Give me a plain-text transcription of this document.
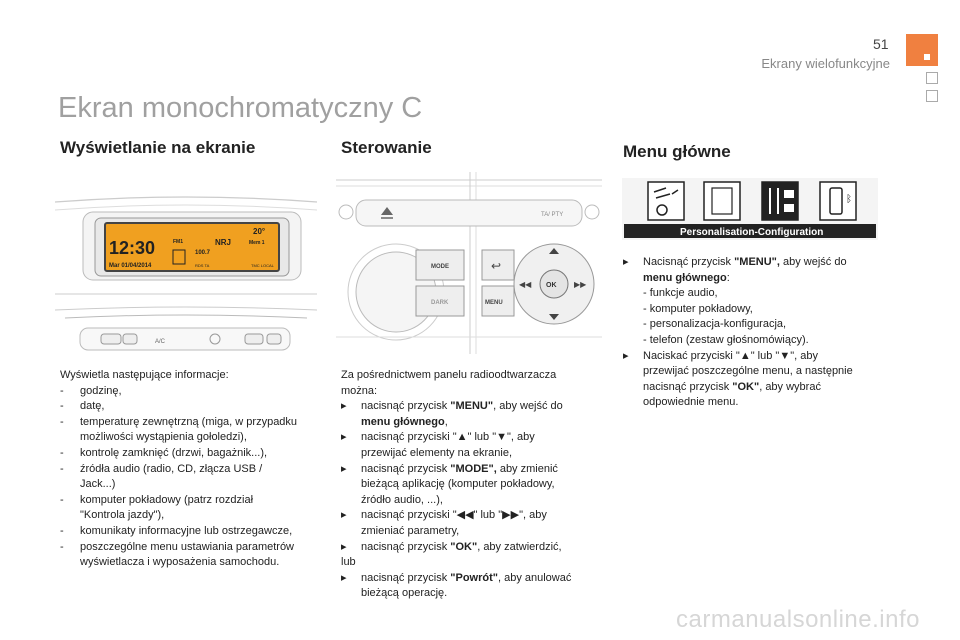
51
Ekrany wielofunkcyjne
Ekran monochromatyczny C
Wyświetlanie na ekranie	Sterowanie	Menu główne
12:30
20°
FM1	NRJ	Mem 1
100.7
Mar 01/04/2014	RDS TA	TMC LOCAL
A/C
TA/ PTY
MODE
DARK
↩
MENU
OK
◀◀	▶▶
ᛒ
Personalisation-Configuration

Wyświetla następujące informacje:

- godzinę,
- datę,
- temperaturę zewnętrzną (miga, w przypadku
możliwości wystąpienia gołoledzi),
- kontrolę zamknięć (drzwi, bagażnik...),
- źródła audio (radio, CD, złącza USB /
Jack...)
- komputer pokładowy (patrz rozdział
"Kontrola jazdy"),
- komunikaty informacyjne lub ostrzegawcze,
- poszczególne menu ustawiania parametrów
wyświetlacza i wyposażenia samochodu.

Za pośrednictwem panelu radioodtwarzacza

można:

▸ nacisnąć przycisk "MENU", aby wejść do
menu głównego,
▸ nacisnąć przyciski "▲" lub "▼", aby
przewijać elementy na ekranie,
▸ nacisnąć przycisk "MODE", aby zmienić
bieżącą aplikację (komputer pokładowy,
źródło audio, ...),
▸ nacisnąć przyciski "◀◀" lub "▶▶", aby
zmieniać parametry,
▸ nacisnąć przycisk "OK", aby zatwierdzić,

lub

▸ nacisnąć przycisk "Powrót", aby anulować
bieżącą operację.
▸ Nacisnąć przycisk "MENU", aby wejść do
menu głównego:
- funkcje audio,
- komputer pokładowy,
- personalizacja-konfiguracja,
- telefon (zestaw głośnomówiący).
▸ Naciskać przyciski "▲" lub "▼", aby
przewijać poszczególne menu, a następnie
nacisnąć przycisk "OK", aby wybrać
odpowiednie menu.
carmanualsonline.info
